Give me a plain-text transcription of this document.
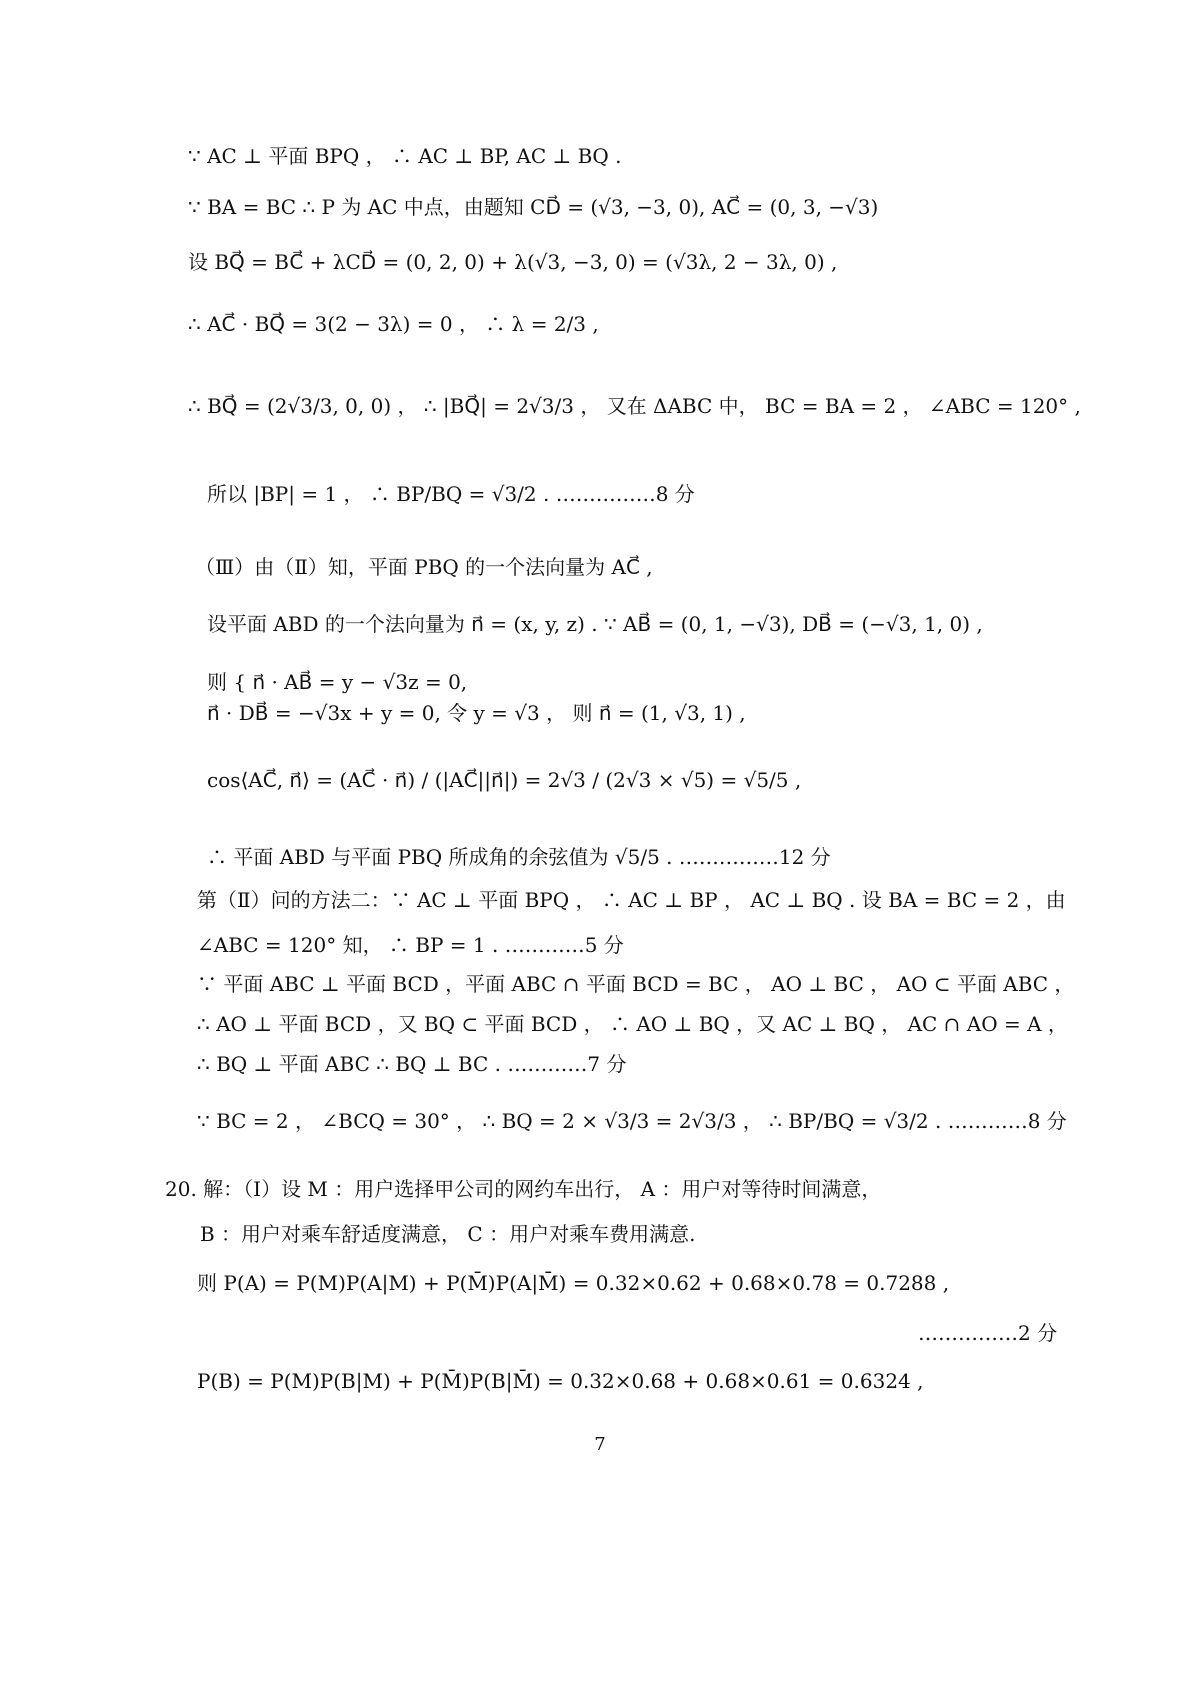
∵ AC ⊥ 平面 BPQ ， ∴ AC ⊥ BP, AC ⊥ BQ .
∵ BA = BC ∴ P 为 AC 中点，由题知 CD⃗ = (√3, −3, 0), AC⃗ = (0, 3, −√3)
设 BQ⃗ = BC⃗ + λCD⃗ = (0, 2, 0) + λ(√3, −3, 0) = (√3λ, 2 − 3λ, 0) ,
∴ AC⃗ · BQ⃗ = 3(2 − 3λ) = 0 ， ∴ λ = 2/3 ,
∴ BQ⃗ = (2√3/3, 0, 0) ， ∴ |BQ⃗| = 2√3/3 ， 又在 ΔABC 中， BC = BA = 2 ， ∠ABC = 120° ,
所以 |BP| = 1 ， ∴ BP/BQ = √3/2 . ……………8 分
（Ⅲ）由（Ⅱ）知，平面 PBQ 的一个法向量为 AC⃗ ,
设平面 ABD 的一个法向量为 n⃗ = (x, y, z) . ∵ AB⃗ = (0, 1, −√3), DB⃗ = (−√3, 1, 0) ,
则 { n⃗ · AB⃗ = y − √3z = 0,
n⃗ · DB⃗ = −√3x + y = 0, 令 y = √3 ， 则 n⃗ = (1, √3, 1) ,
cos⟨AC⃗, n⃗⟩ = (AC⃗ · n⃗) / (|AC⃗||n⃗|) = 2√3 / (2√3 × √5) = √5/5 ,
∴ 平面 ABD 与平面 PBQ 所成角的余弦值为 √5/5 . ……………12 分
第（Ⅱ）问的方法二：∵ AC ⊥ 平面 BPQ ， ∴ AC ⊥ BP ， AC ⊥ BQ . 设 BA = BC = 2 ，由
∠ABC = 120° 知， ∴ BP = 1 . …………5 分
∵ 平面 ABC ⊥ 平面 BCD ，平面 ABC ∩ 平面 BCD = BC ， AO ⊥ BC ， AO ⊂ 平面 ABC ，
∴ AO ⊥ 平面 BCD ，又 BQ ⊂ 平面 BCD ， ∴ AO ⊥ BQ ，又 AC ⊥ BQ ， AC ∩ AO = A ，
∴ BQ ⊥ 平面 ABC ∴ BQ ⊥ BC . …………7 分
∵ BC = 2 ， ∠BCQ = 30° ， ∴ BQ = 2 × √3/3 = 2√3/3 ， ∴ BP/BQ = √3/2 . …………8 分
20. 解：（Ⅰ）设 M ：用户选择甲公司的网约车出行， A ：用户对等待时间满意，
B ：用户对乘车舒适度满意， C ：用户对乘车费用满意.
则 P(A) = P(M)P(A|M) + P(M̄)P(A|M̄) = 0.32×0.62 + 0.68×0.78 = 0.7288 ,
……………2 分
P(B) = P(M)P(B|M) + P(M̄)P(B|M̄) = 0.32×0.68 + 0.68×0.61 = 0.6324 ,
7
